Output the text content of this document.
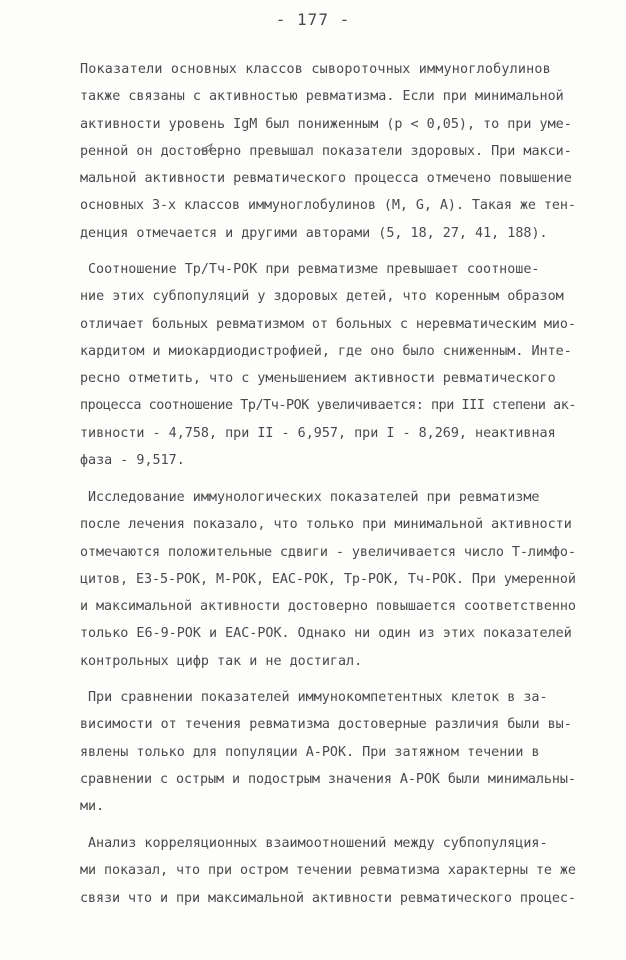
- 177 -
Показатели основных классов сывороточных иммуноглобулинов
также связаны с активностью ревматизма. Если при минимальной
активности уровень IgM был пониженным (p < 0,05), то при уме-
ренной он достоверно превышал показатели здоровых. При макси-
мальной активности ревматического процесса отмечено повышение
основных 3-х классов иммуноглобулинов (M, G, A). Такая же тен-
денция отмечается и другими авторами (5, 18, 27, 41, 188).
Соотношение Тр/Тч-РОК при ревматизме превышает соотноше-
ние этих субпопуляций у здоровых детей, что коренным образом
отличает больных ревматизмом от больных с неревматическим мио-
кардитом и миокардиодистрофией, где оно было сниженным. Инте-
ресно отметить, что с уменьшением активности ревматического
процесса соотношение Тр/Тч-РОК увеличивается: при III степени ак-
тивности - 4,758, при II - 6,957, при I - 8,269, неактивная
фаза - 9,517.
Исследование иммунологических показателей при ревматизме
после лечения показало, что только при минимальной активности
отмечаются положительные сдвиги - увеличивается число Т-лимфо-
цитов, Е3-5-РОК, М-РОК, ЕАС-РОК, Тр-РОК, Тч-РОК. При умеренной
и максимальной активности достоверно повышается соответственно
только Е6-9-РОК и ЕАС-РОК. Однако ни один из этих показателей
контрольных цифр так и не достигал.
При сравнении показателей иммунокомпетентных клеток в за-
висимости от течения ревматизма достоверные различия были вы-
явлены только для популяции А-РОК. При затяжном течении в
сравнении с острым и подострым значения А-РОК были минимальны-
ми.
Анализ корреляционных взаимоотношений между субпопуляция-
ми показал, что при остром течении ревматизма характерны те же
связи что и при максимальной активности ревматического процес-
